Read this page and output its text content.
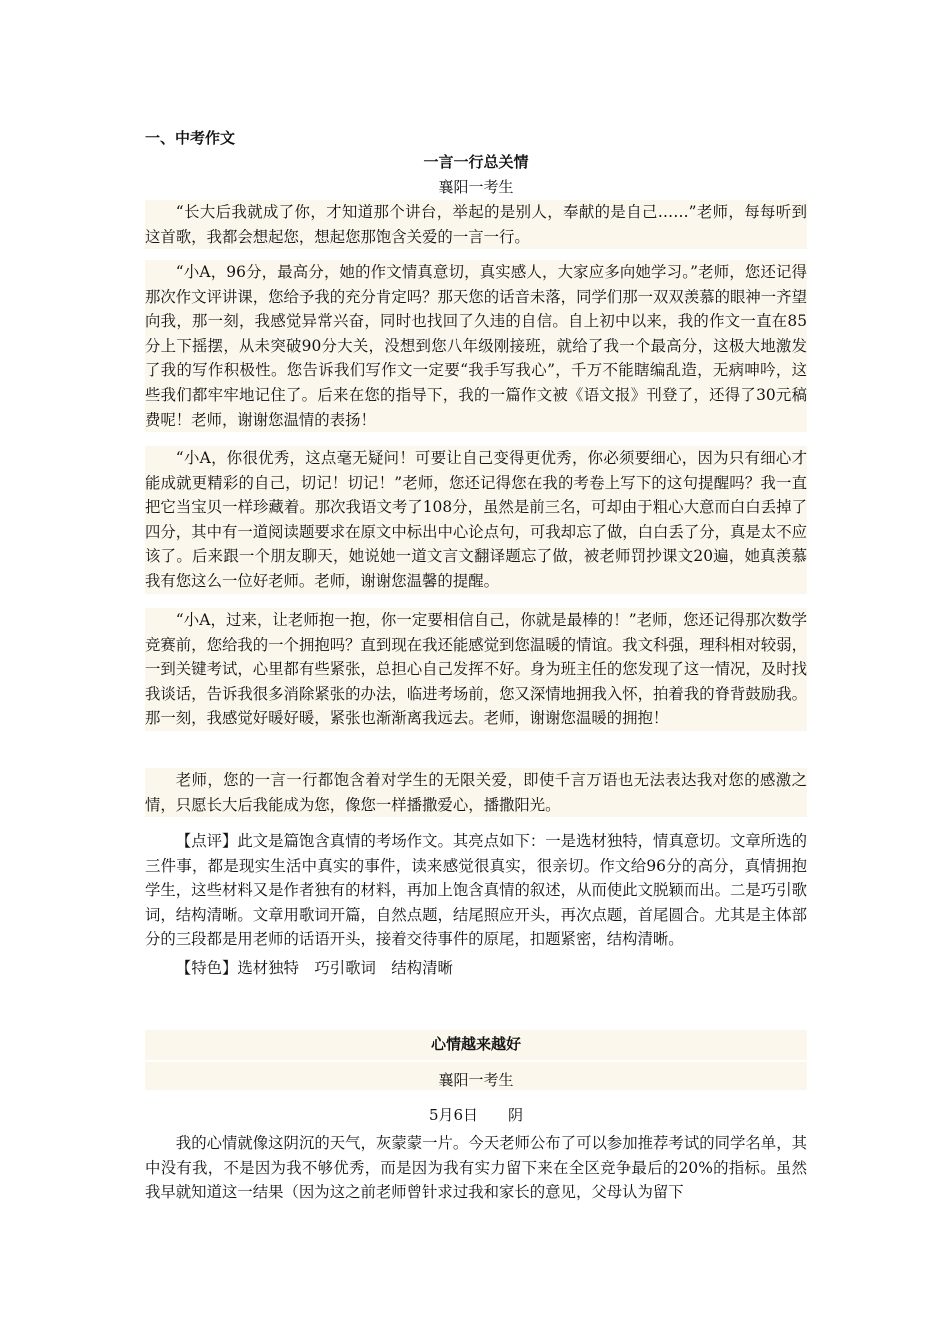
一、中考作文
一言一行总关情
襄阳一考生

“长大后我就成了你，才知道那个讲台，举起的是别人，奉献的是自己……”老师，每每听到这首歌，我都会想起您，想起您那饱含关爱的一言一行。

“小A，96分，最高分，她的作文情真意切，真实感人，大家应多向她学习。”老师，您还记得那次作文评讲课，您给予我的充分肯定吗？那天您的话音未落，同学们那一双双羡慕的眼神一齐望向我，那一刻，我感觉异常兴奋，同时也找回了久违的自信。自上初中以来，我的作文一直在85分上下摇摆，从未突破90分大关，没想到您八年级刚接班，就给了我一个最高分，这极大地激发了我的写作积极性。您告诉我们写作文一定要“我手写我心”，千万不能瞎编乱造，无病呻吟，这些我们都牢牢地记住了。后来在您的指导下，我的一篇作文被《语文报》刊登了，还得了30元稿费呢！老师，谢谢您温情的表扬！

“小A，你很优秀，这点毫无疑问！可要让自己变得更优秀，你必须要细心，因为只有细心才能成就更精彩的自己，切记！切记！”老师，您还记得您在我的考卷上写下的这句提醒吗？我一直把它当宝贝一样珍藏着。那次我语文考了108分，虽然是前三名，可却由于粗心大意而白白丢掉了四分，其中有一道阅读题要求在原文中标出中心论点句，可我却忘了做，白白丢了分，真是太不应该了。后来跟一个朋友聊天，她说她一道文言文翻译题忘了做，被老师罚抄课文20遍，她真羡慕我有您这么一位好老师。老师，谢谢您温馨的提醒。

“小A，过来，让老师抱一抱，你一定要相信自己，你就是最棒的！”老师，您还记得那次数学竞赛前，您给我的一个拥抱吗？直到现在我还能感觉到您温暖的情谊。我文科强，理科相对较弱，一到关键考试，心里都有些紧张，总担心自己发挥不好。身为班主任的您发现了这一情况，及时找我谈话，告诉我很多消除紧张的办法，临进考场前，您又深情地拥我入怀，拍着我的脊背鼓励我。那一刻，我感觉好暖好暖，紧张也渐渐离我远去。老师，谢谢您温暖的拥抱！

老师，您的一言一行都饱含着对学生的无限关爱，即使千言万语也无法表达我对您的感激之情，只愿长大后我能成为您，像您一样播撒爱心，播撒阳光。

【点评】此文是篇饱含真情的考场作文。其亮点如下：一是选材独特，情真意切。文章所选的三件事，都是现实生活中真实的事件，读来感觉很真实，很亲切。作文给96分的高分，真情拥抱学生，这些材料又是作者独有的材料，再加上饱含真情的叙述，从而使此文脱颖而出。二是巧引歌词，结构清晰。文章用歌词开篇，自然点题，结尾照应开头，再次点题，首尾圆合。尤其是主体部分的三段都是用老师的话语开头，接着交待事件的原尾，扣题紧密，结构清晰。

【特色】选材独特　巧引歌词　结构清晰

心情越来越好
襄阳一考生
5月6日　　阴

我的心情就像这阴沉的天气，灰蒙蒙一片。今天老师公布了可以参加推荐考试的同学名单，其中没有我，不是因为我不够优秀，而是因为我有实力留下来在全区竞争最后的20%的指标。虽然我早就知道这一结果（因为这之前老师曾针求过我和家长的意见，父母认为留下
